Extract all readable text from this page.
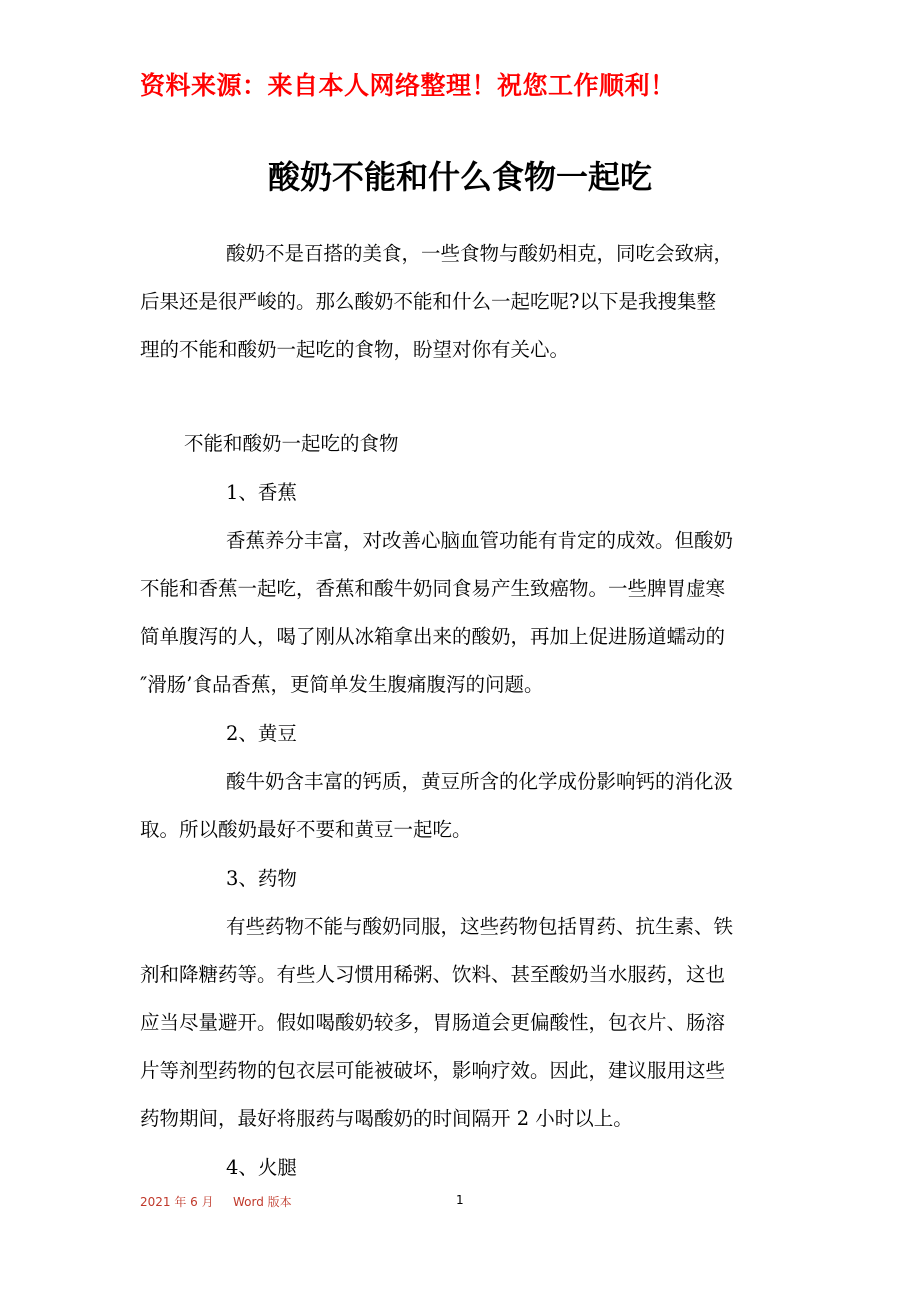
资料来源：来自本人网络整理！祝您工作顺利！
酸奶不能和什么食物一起吃
酸奶不是百搭的美食，一些食物与酸奶相克，同吃会致病，
后果还是很严峻的。那么酸奶不能和什么一起吃呢?以下是我搜集整
理的不能和酸奶一起吃的食物，盼望对你有关心。
不能和酸奶一起吃的食物
1、香蕉
香蕉养分丰富，对改善心脑血管功能有肯定的成效。但酸奶
不能和香蕉一起吃，香蕉和酸牛奶同食易产生致癌物。一些脾胃虚寒
简单腹泻的人，喝了刚从冰箱拿出来的酸奶，再加上促进肠道蠕动的
″滑肠’食品香蕉，更简单发生腹痛腹泻的问题。
2、黄豆
酸牛奶含丰富的钙质，黄豆所含的化学成份影响钙的消化汲
取。所以酸奶最好不要和黄豆一起吃。
3、药物
有些药物不能与酸奶同服，这些药物包括胃药、抗生素、铁
剂和降糖药等。有些人习惯用稀粥、饮料、甚至酸奶当水服药，这也
应当尽量避开。假如喝酸奶较多，胃肠道会更偏酸性，包衣片、肠溶
片等剂型药物的包衣层可能被破坏，影响疗效。因此，建议服用这些
药物期间，最好将服药与喝酸奶的时间隔开 2 小时以上。
4、火腿
2021 年 6 月 Word 版本	1
